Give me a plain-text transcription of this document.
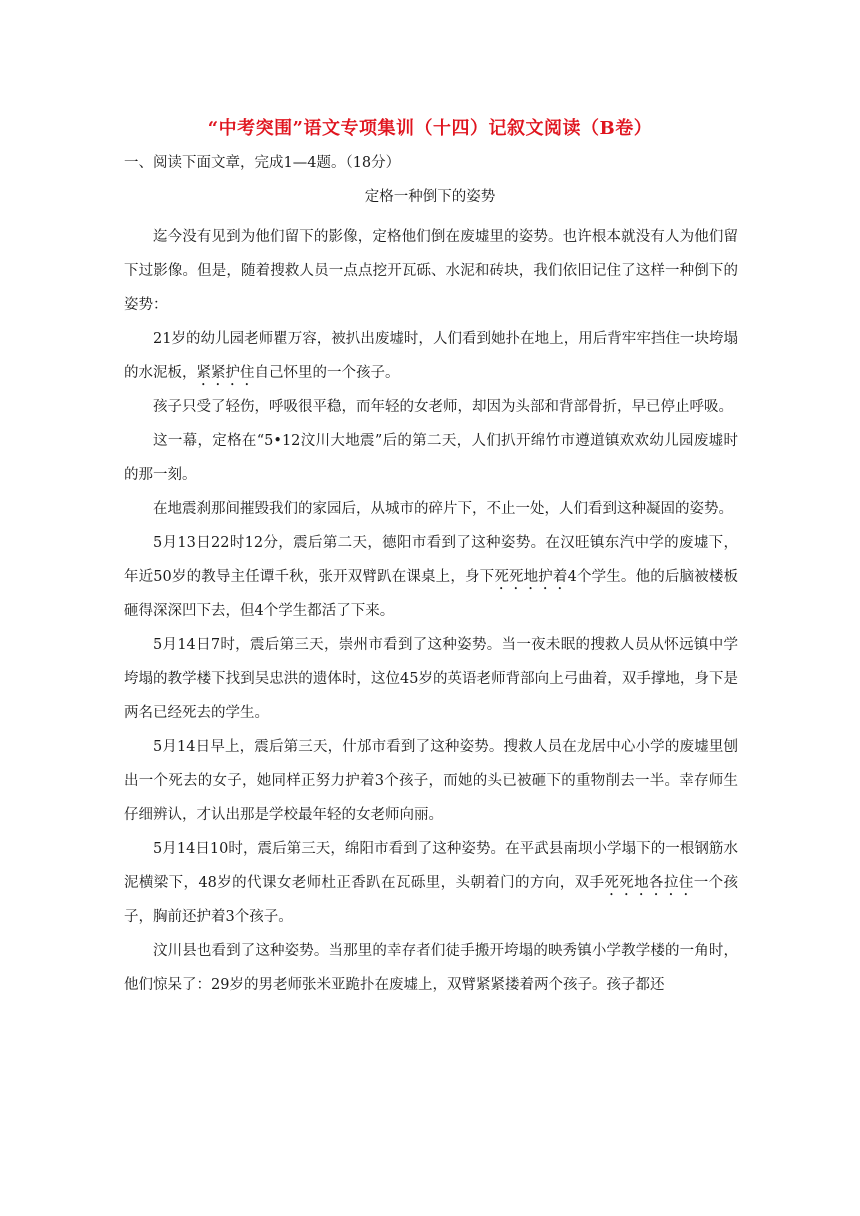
“中考突围”语文专项集训（十四）记叙文阅读（B卷）
一、阅读下面文章，完成1—4题。（18分）
定格一种倒下的姿势

迄今没有见到为他们留下的影像，定格他们倒在废墟里的姿势。也许根本就没有人为他们留下过影像。但是，随着搜救人员一点点挖开瓦砾、水泥和砖块，我们依旧记住了这样一种倒下的姿势：

21岁的幼儿园老师瞿万容，被扒出废墟时，人们看到她扑在地上，用后背牢牢挡住一块垮塌的水泥板，紧紧护住自己怀里的一个孩子。

孩子只受了轻伤，呼吸很平稳，而年轻的女老师，却因为头部和背部骨折，早已停止呼吸。

这一幕，定格在“5•12汶川大地震”后的第二天，人们扒开绵竹市遵道镇欢欢幼儿园废墟时的那一刻。

在地震刹那间摧毁我们的家园后，从城市的碎片下，不止一处，人们看到这种凝固的姿势。

5月13日22时12分，震后第二天，德阳市看到了这种姿势。在汉旺镇东汽中学的废墟下，年近50岁的教导主任谭千秋，张开双臂趴在课桌上，身下死死地护着4个学生。他的后脑被楼板砸得深深凹下去，但4个学生都活了下来。

5月14日7时，震后第三天，崇州市看到了这种姿势。当一夜未眠的搜救人员从怀远镇中学垮塌的教学楼下找到吴忠洪的遗体时，这位45岁的英语老师背部向上弓曲着，双手撑地，身下是两名已经死去的学生。

5月14日早上，震后第三天，什邡市看到了这种姿势。搜救人员在龙居中心小学的废墟里刨出一个死去的女子，她同样正努力护着3个孩子，而她的头已被砸下的重物削去一半。幸存师生仔细辨认，才认出那是学校最年轻的女老师向丽。

5月14日10时，震后第三天，绵阳市看到了这种姿势。在平武县南坝小学塌下的一根钢筋水泥横梁下，48岁的代课女老师杜正香趴在瓦砾里，头朝着门的方向，双手死死地各拉住一个孩子，胸前还护着3个孩子。

汶川县也看到了这种姿势。当那里的幸存者们徒手搬开垮塌的映秀镇小学教学楼的一角时，他们惊呆了：29岁的男老师张米亚跪扑在废墟上，双臂紧紧搂着两个孩子。孩子都还
